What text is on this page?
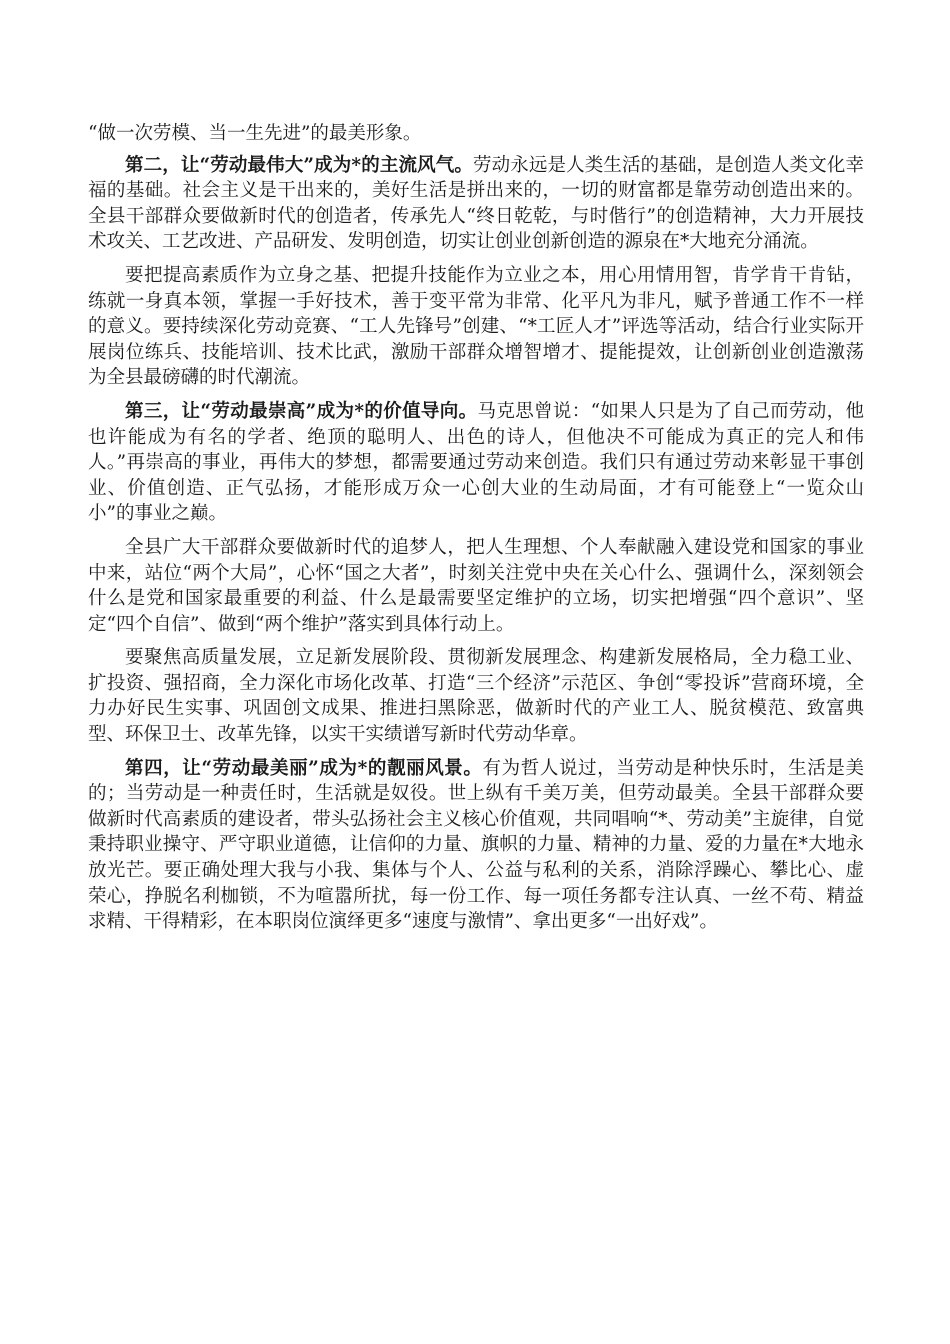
“做一次劳模、当一生先进”的最美形象。

第二，让“劳动最伟大”成为*的主流风气。劳动永远是人类生活的基础，是创造人类文化幸福的基础。社会主义是干出来的，美好生活是拼出来的，一切的财富都是靠劳动创造出来的。全县干部群众要做新时代的创造者，传承先人“终日乾乾，与时偕行”的创造精神，大力开展技术攻关、工艺改进、产品研发、发明创造，切实让创业创新创造的源泉在*大地充分涌流。

要把提高素质作为立身之基、把提升技能作为立业之本，用心用情用智，肯学肯干肯钻，练就一身真本领，掌握一手好技术，善于变平常为非常、化平凡为非凡，赋予普通工作不一样的意义。要持续深化劳动竞赛、“工人先锋号”创建、“*工匠人才”评选等活动，结合行业实际开展岗位练兵、技能培训、技术比武，激励干部群众增智增才、提能提效，让创新创业创造激荡为全县最磅礴的时代潮流。

第三，让“劳动最崇高”成为*的价值导向。马克思曾说：“如果人只是为了自己而劳动，他也许能成为有名的学者、绝顶的聪明人、出色的诗人，但他决不可能成为真正的完人和伟人。”再崇高的事业，再伟大的梦想，都需要通过劳动来创造。我们只有通过劳动来彰显干事创业、价值创造、正气弘扬，才能形成万众一心创大业的生动局面，才有可能登上“一览众山小”的事业之巅。

全县广大干部群众要做新时代的追梦人，把人生理想、个人奉献融入建设党和国家的事业中来，站位“两个大局”，心怀“国之大者”，时刻关注党中央在关心什么、强调什么，深刻领会什么是党和国家最重要的利益、什么是最需要坚定维护的立场，切实把增强“四个意识”、坚定“四个自信”、做到“两个维护”落实到具体行动上。

要聚焦高质量发展，立足新发展阶段、贯彻新发展理念、构建新发展格局，全力稳工业、扩投资、强招商，全力深化市场化改革、打造“三个经济”示范区、争创“零投诉”营商环境，全力办好民生实事、巩固创文成果、推进扫黑除恶，做新时代的产业工人、脱贫模范、致富典型、环保卫士、改革先锋，以实干实绩谱写新时代劳动华章。

第四，让“劳动最美丽”成为*的靓丽风景。有为哲人说过，当劳动是种快乐时，生活是美的；当劳动是一种责任时，生活就是奴役。世上纵有千美万美，但劳动最美。全县干部群众要做新时代高素质的建设者，带头弘扬社会主义核心价值观，共同唱响“*、劳动美”主旋律，自觉秉持职业操守、严守职业道德，让信仰的力量、旗帜的力量、精神的力量、爱的力量在*大地永放光芒。要正确处理大我与小我、集体与个人、公益与私利的关系，消除浮躁心、攀比心、虚荣心，挣脱名利枷锁，不为喧嚣所扰，每一份工作、每一项任务都专注认真、一丝不苟、精益求精、干得精彩，在本职岗位演绎更多“速度与激情”、拿出更多“一出好戏”。
